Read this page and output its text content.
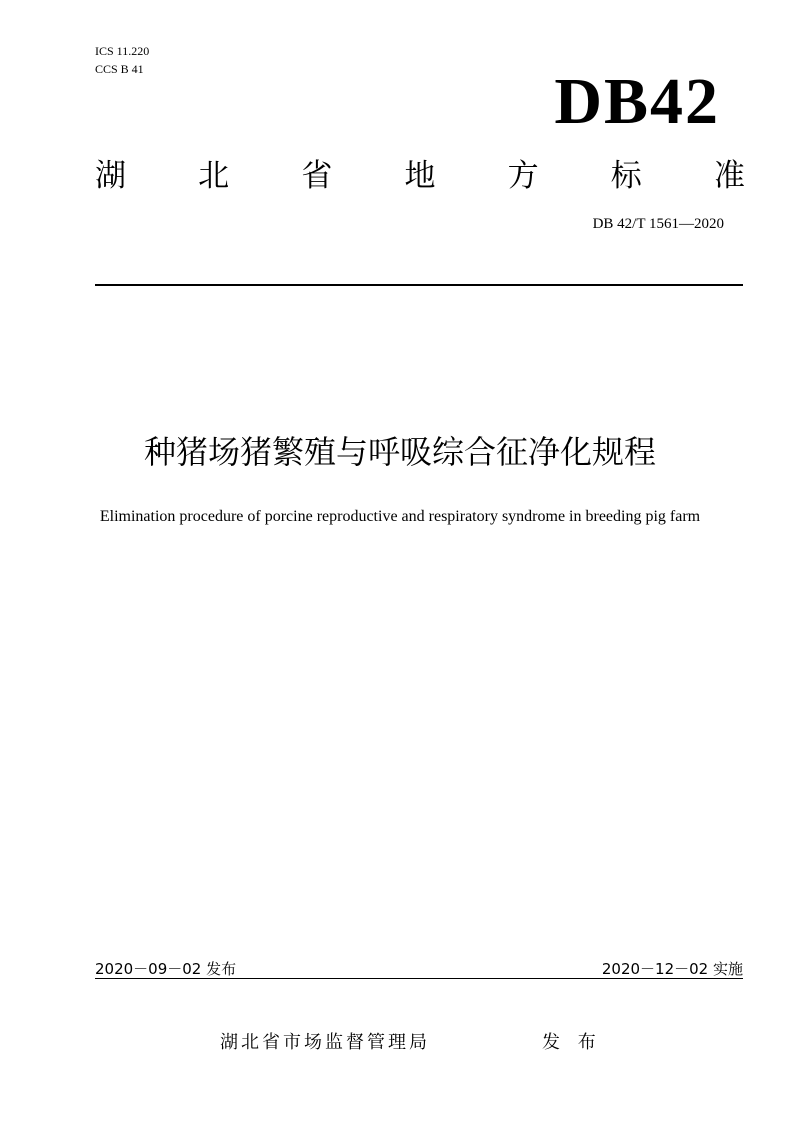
ICS 11.220
CCS B 41	DB42
湖 北 省 地 方 标 准
DB 42/T 1561—2020
种猪场猪繁殖与呼吸综合征净化规程
Elimination procedure of porcine reproductive and respiratory syndrome in breeding pig farm
2020－09－02 发布	2020－12－02 实施
湖北省市场监督管理局	发 布
